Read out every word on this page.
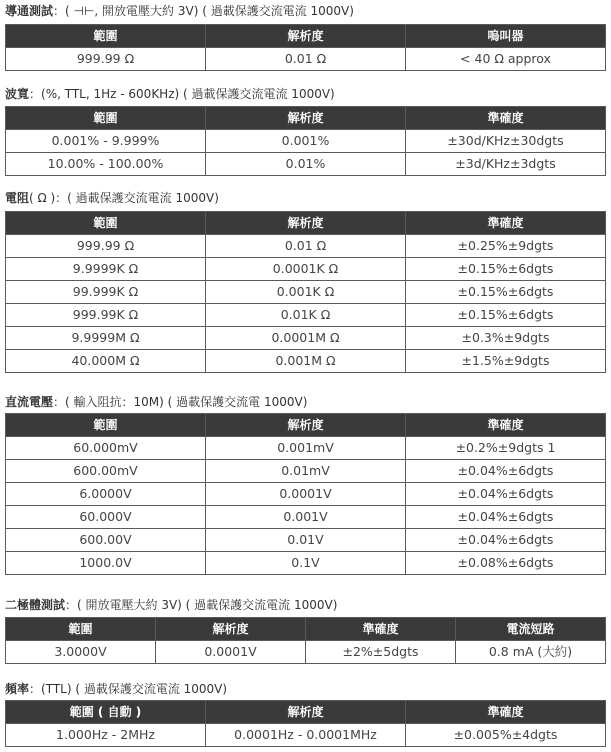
導通測試：( ⊣⊢, 開放電壓大約 3V) ( 過載保護交流電流 1000V)
範圍	解析度	嗚叫器
999.99 Ω	0.01 Ω	< 40 Ω approx
波寬：(%, TTL, 1Hz - 600KHz) ( 過載保護交流電流 1000V)
範圍	解析度	準確度
0.001% - 9.999%	0.001%	±30d/KHz±30dgts
10.00% - 100.00%	0.01%	±3d/KHz±3dgts
電阻( Ω )：( 過載保護交流電流 1000V)
範圍	解析度	準確度
999.99 Ω	0.01 Ω	±0.25%±9dgts
9.9999K Ω	0.0001K Ω	±0.15%±6dgts
99.999K Ω	0.001K Ω	±0.15%±6dgts
999.99K Ω	0.01K Ω	±0.15%±6dgts
9.9999M Ω	0.0001M Ω	±0.3%±9dgts
40.000M Ω	0.001M Ω	±1.5%±9dgts
直流電壓：( 輸入阻抗：10M) ( 過載保護交流電 1000V)
範圍	解析度	準確度
60.000mV	0.001mV	±0.2%±9dgts 1
600.00mV	0.01mV	±0.04%±6dgts
6.0000V	0.0001V	±0.04%±6dgts
60.000V	0.001V	±0.04%±6dgts
600.00V	0.01V	±0.04%±6dgts
1000.0V	0.1V	±0.08%±6dgts
二極體測試：( 開放電壓大約 3V) ( 過載保護交流電流 1000V)
範圍	解析度	準確度	電流短路
3.0000V	0.0001V	±2%±5dgts	0.8 mA (大約)
頻率：(TTL) ( 過載保護交流電流 1000V)
範圍 ( 自動 )	解析度	準確度
1.000Hz - 2MHz	0.0001Hz - 0.0001MHz	±0.005%±4dgts
